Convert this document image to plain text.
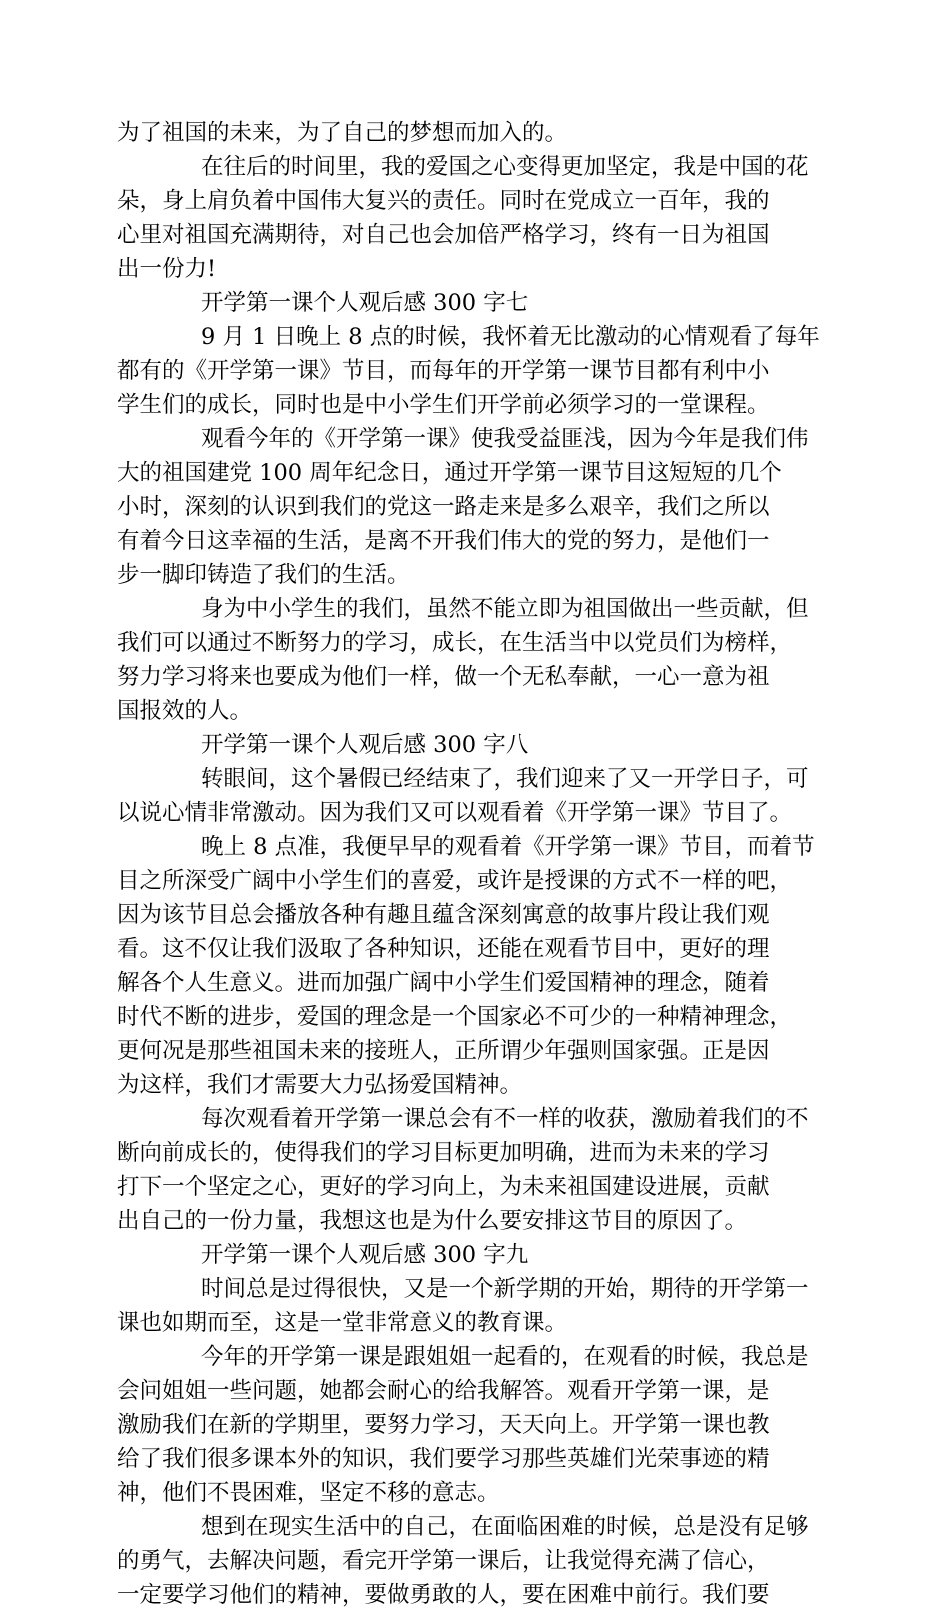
为了祖国的未来，为了自己的梦想而加入的。
在往后的时间里，我的爱国之心变得更加坚定，我是中国的花
朵，身上肩负着中国伟大复兴的责任。同时在党成立一百年，我的
心里对祖国充满期待，对自己也会加倍严格学习，终有一日为祖国
出一份力!
开学第一课个人观后感 300 字七
9 月 1 日晚上 8 点的时候，我怀着无比激动的心情观看了每年
都有的《开学第一课》节目，而每年的开学第一课节目都有利中小
学生们的成长，同时也是中小学生们开学前必须学习的一堂课程。
观看今年的《开学第一课》使我受益匪浅，因为今年是我们伟
大的祖国建党 100 周年纪念日，通过开学第一课节目这短短的几个
小时，深刻的认识到我们的党这一路走来是多么艰辛，我们之所以
有着今日这幸福的生活，是离不开我们伟大的党的努力，是他们一
步一脚印铸造了我们的生活。
身为中小学生的我们，虽然不能立即为祖国做出一些贡献，但
我们可以通过不断努力的学习，成长，在生活当中以党员们为榜样，
努力学习将来也要成为他们一样，做一个无私奉献，一心一意为祖
国报效的人。
开学第一课个人观后感 300 字八
转眼间，这个暑假已经结束了，我们迎来了又一开学日子，可
以说心情非常激动。因为我们又可以观看着《开学第一课》节目了。
晚上 8 点准，我便早早的观看着《开学第一课》节目，而着节
目之所深受广阔中小学生们的喜爱，或许是授课的方式不一样的吧，
因为该节目总会播放各种有趣且蕴含深刻寓意的故事片段让我们观
看。这不仅让我们汲取了各种知识，还能在观看节目中，更好的理
解各个人生意义。进而加强广阔中小学生们爱国精神的理念，随着
时代不断的进步，爱国的理念是一个国家必不可少的一种精神理念，
更何况是那些祖国未来的接班人，正所谓少年强则国家强。正是因
为这样，我们才需要大力弘扬爱国精神。
每次观看着开学第一课总会有不一样的收获，激励着我们的不
断向前成长的，使得我们的学习目标更加明确，进而为未来的学习
打下一个坚定之心，更好的学习向上，为未来祖国建设进展，贡献
出自己的一份力量，我想这也是为什么要安排这节目的原因了。
开学第一课个人观后感 300 字九
时间总是过得很快，又是一个新学期的开始，期待的开学第一
课也如期而至，这是一堂非常意义的教育课。
今年的开学第一课是跟姐姐一起看的，在观看的时候，我总是
会问姐姐一些问题，她都会耐心的给我解答。观看开学第一课，是
激励我们在新的学期里，要努力学习，天天向上。开学第一课也教
给了我们很多课本外的知识，我们要学习那些英雄们光荣事迹的精
神，他们不畏困难，坚定不移的意志。
想到在现实生活中的自己，在面临困难的时候，总是没有足够
的勇气，去解决问题，看完开学第一课后，让我觉得充满了信心，
一定要学习他们的精神，要做勇敢的人，要在困难中前行。我们要
